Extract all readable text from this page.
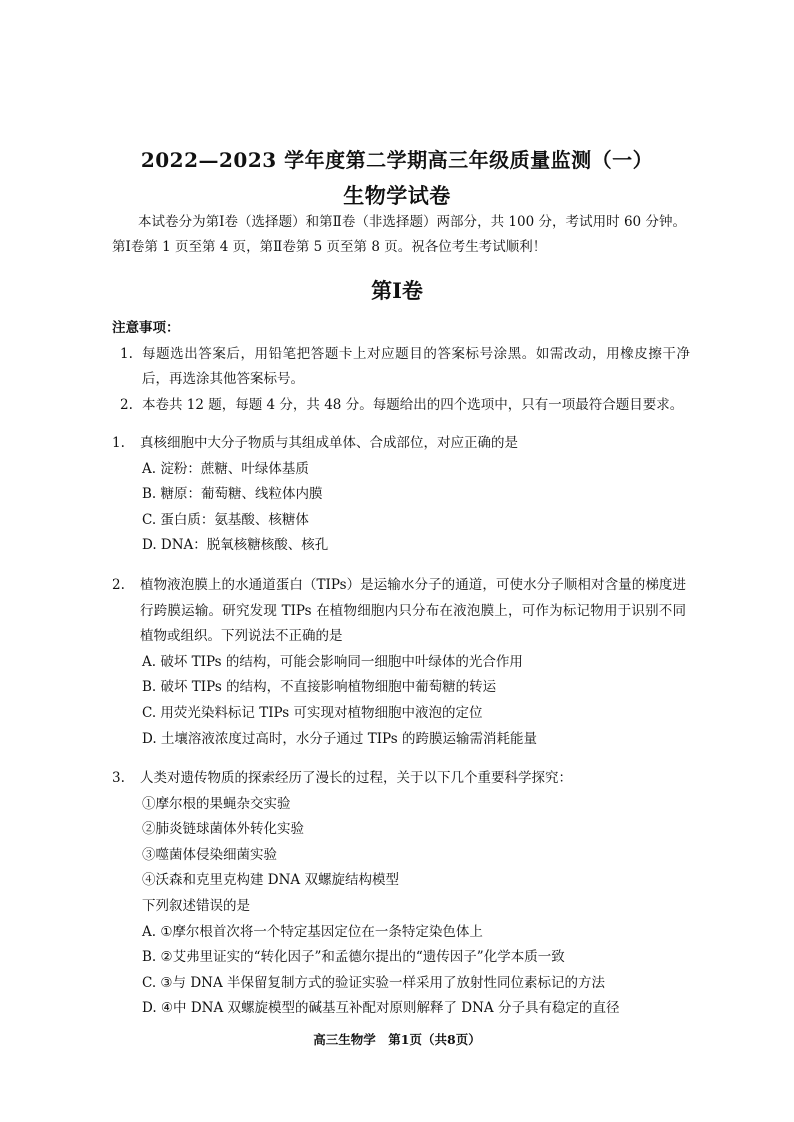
2022—2023 学年度第二学期高三年级质量监测（一）
生物学试卷
本试卷分为第Ⅰ卷（选择题）和第Ⅱ卷（非选择题）两部分，共 100 分，考试用时 60 分钟。第Ⅰ卷第 1 页至第 4 页，第Ⅱ卷第 5 页至第 8 页。祝各位考生考试顺利！
第Ⅰ卷
注意事项：
1. 每题选出答案后，用铅笔把答题卡上对应题目的答案标号涂黑。如需改动，用橡皮擦干净后，再选涂其他答案标号。
2. 本卷共 12 题，每题 4 分，共 48 分。每题给出的四个选项中，只有一项最符合题目要求。
1.	真核细胞中大分子物质与其组成单体、合成部位，对应正确的是
A. 淀粉：蔗糖、叶绿体基质
B. 糖原：葡萄糖、线粒体内膜
C. 蛋白质：氨基酸、核糖体
D. DNA：脱氧核糖核酸、核孔
2.	植物液泡膜上的水通道蛋白（TIPs）是运输水分子的通道，可使水分子顺相对含量的梯度进行跨膜运输。研究发现 TIPs 在植物细胞内只分布在液泡膜上，可作为标记物用于识别不同植物或组织。下列说法不正确的是
A. 破坏 TIPs 的结构，可能会影响同一细胞中叶绿体的光合作用
B. 破坏 TIPs 的结构，不直接影响植物细胞中葡萄糖的转运
C. 用荧光染料标记 TIPs 可实现对植物细胞中液泡的定位
D. 土壤溶液浓度过高时，水分子通过 TIPs 的跨膜运输需消耗能量
3.	人类对遗传物质的探索经历了漫长的过程，关于以下几个重要科学探究：
①摩尔根的果蝇杂交实验
②肺炎链球菌体外转化实验
③噬菌体侵染细菌实验
④沃森和克里克构建 DNA 双螺旋结构模型
下列叙述错误的是
A. ①摩尔根首次将一个特定基因定位在一条特定染色体上
B. ②艾弗里证实的“转化因子”和孟德尔提出的“遗传因子”化学本质一致
C. ③与 DNA 半保留复制方式的验证实验一样采用了放射性同位素标记的方法
D. ④中 DNA 双螺旋模型的碱基互补配对原则解释了 DNA 分子具有稳定的直径
高三生物学　第1页（共8页）
